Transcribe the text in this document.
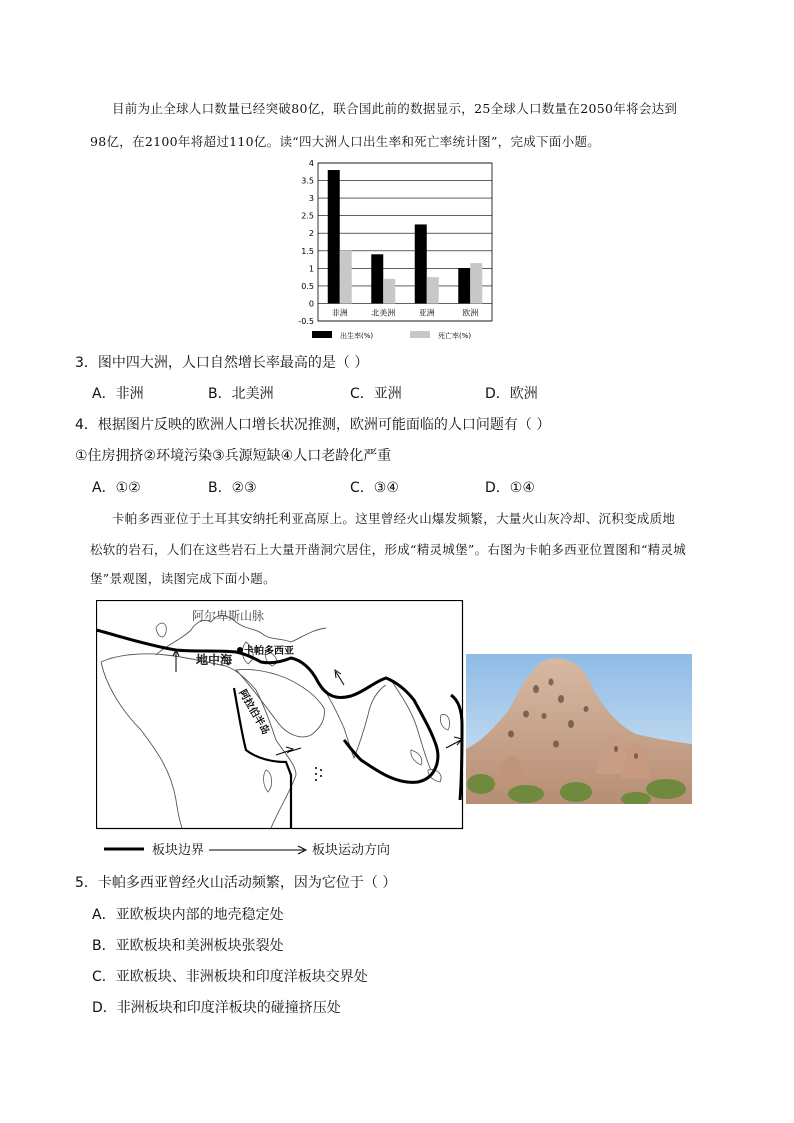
目前为止全球人口数量已经突破80亿，联合国此前的数据显示，25全球人口数量在2050年将会达到
98亿，在2100年将超过110亿。读“四大洲人口出生率和死亡率统计图”，完成下面小题。
4
3.5
3
2.5
2
1.5
1
0.5
0
-0.5
非洲	北美洲	亚洲	欧洲
出生率(%)	死亡率(%)
3．图中四大洲，人口自然增长率最高的是（ ）
A．非洲	B．北美洲	C．亚洲	D．欧洲
4．根据图片反映的欧洲人口增长状况推测，欧洲可能面临的人口问题有（ ）
①住房拥挤②环境污染③兵源短缺④人口老龄化严重
A．①②	B．②③	C．③④	D．①④
卡帕多西亚位于土耳其安纳托利亚高原上。这里曾经火山爆发频繁，大量火山灰冷却、沉积变成质地
松软的岩石，人们在这些岩石上大量开凿洞穴居住，形成“精灵城堡”。右图为卡帕多西亚位置图和“精灵城
堡”景观图，读图完成下面小题。
阿尔卑斯山脉
卡帕多西亚
地中海
阿拉伯半岛
板块边界	板块运动方向
5．卡帕多西亚曾经火山活动频繁，因为它位于（ ）
A．亚欧板块内部的地壳稳定处
B．亚欧板块和美洲板块张裂处
C．亚欧板块、非洲板块和印度洋板块交界处
D．非洲板块和印度洋板块的碰撞挤压处
